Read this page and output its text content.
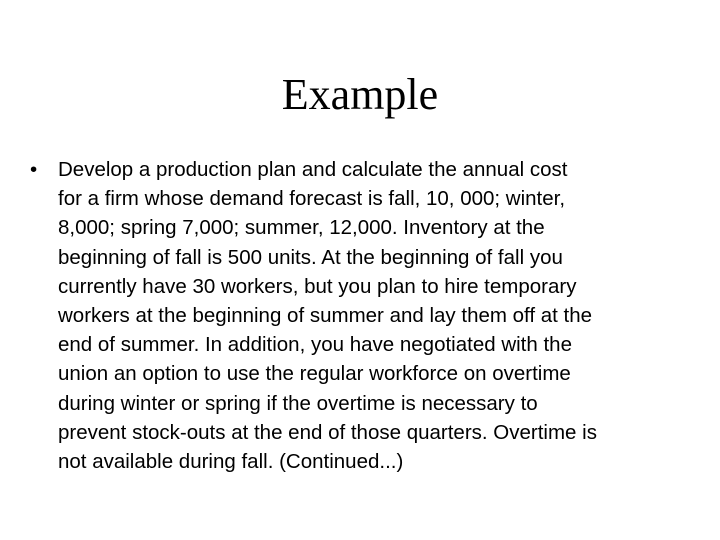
Example
•	Develop a production plan and calculate the annual cost
for a firm whose demand forecast is fall, 10, 000; winter,
8,000; spring 7,000; summer, 12,000. Inventory at the
beginning of fall is 500 units. At the beginning of fall you
currently have 30 workers, but you plan to hire temporary
workers at the beginning of summer and lay them off at the
end of summer. In addition, you have negotiated with the
union an option to use the regular workforce on overtime
during winter or spring if the overtime is necessary to
prevent stock-outs at the end of those quarters. Overtime is
not available during fall. (Continued...)
